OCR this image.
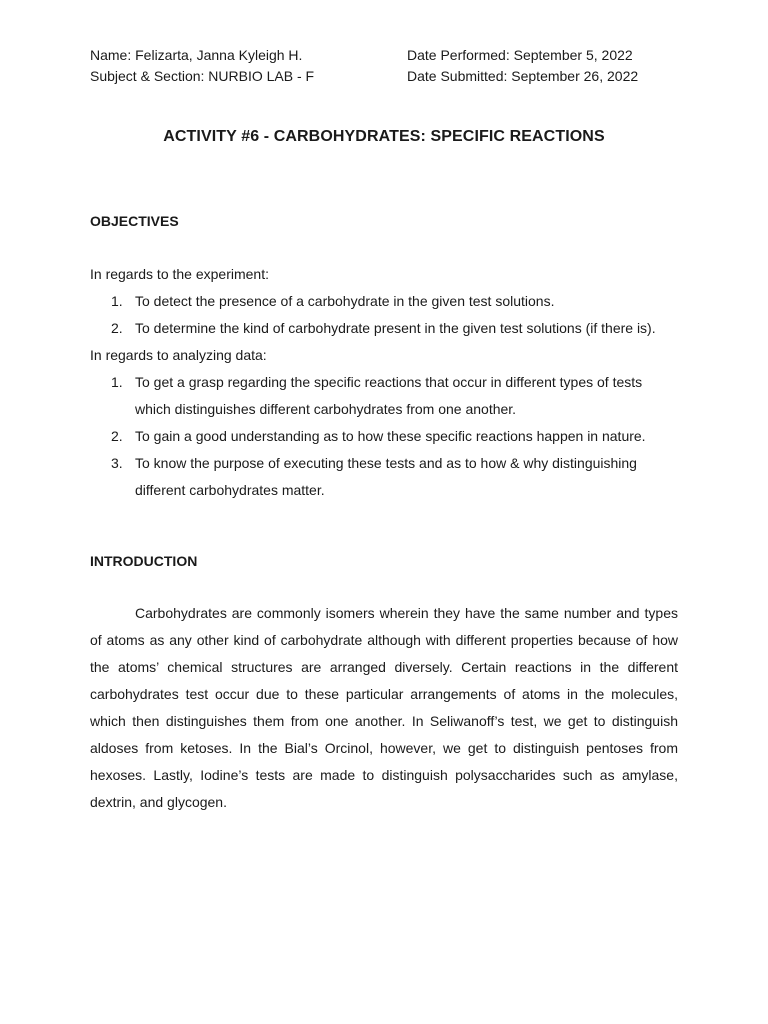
Name: Felizarta, Janna Kyleigh H.	Date Performed: September 5, 2022
Subject & Section: NURBIO LAB - F	Date Submitted: September 26, 2022
ACTIVITY #6 - CARBOHYDRATES: SPECIFIC REACTIONS
OBJECTIVES
In regards to the experiment:
1. To detect the presence of a carbohydrate in the given test solutions.
2. To determine the kind of carbohydrate present in the given test solutions (if there is).
In regards to analyzing data:
1. To get a grasp regarding the specific reactions that occur in different types of tests which distinguishes different carbohydrates from one another.
2. To gain a good understanding as to how these specific reactions happen in nature.
3. To know the purpose of executing these tests and as to how & why distinguishing different carbohydrates matter.
INTRODUCTION

Carbohydrates are commonly isomers wherein they have the same number and types of atoms as any other kind of carbohydrate although with different properties because of how the atoms’ chemical structures are arranged diversely. Certain reactions in the different carbohydrates test occur due to these particular arrangements of atoms in the molecules, which then distinguishes them from one another. In Seliwanoff’s test, we get to distinguish aldoses from ketoses. In the Bial’s Orcinol, however, we get to distinguish pentoses from hexoses. Lastly, Iodine’s tests are made to distinguish polysaccharides such as amylase, dextrin, and glycogen.
